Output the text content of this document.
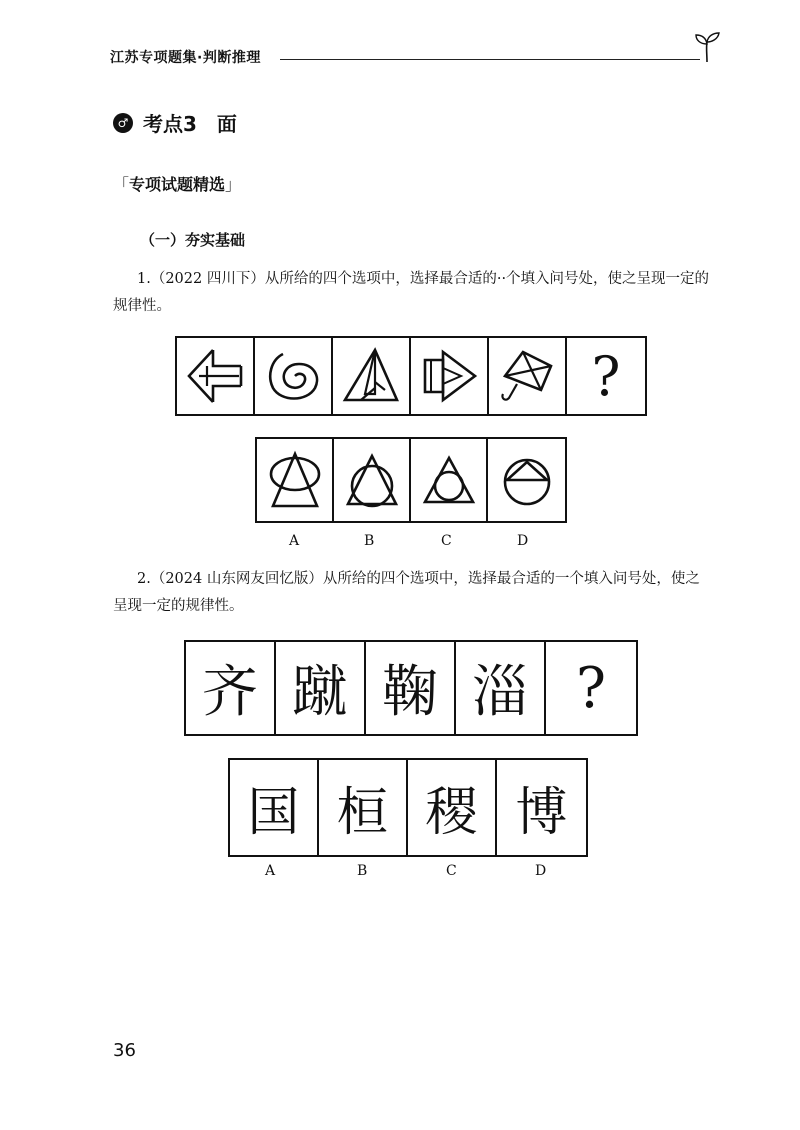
江苏专项题集·判断推理
♂ 考点3　面
「专项试题精选」
（一）夯实基础
1.（2022 四川下）从所给的四个选项中，选择最合适的··个填入问号处，使之呈现一定的规律性。
?
A	B	C	D
2.（2024 山东网友回忆版）从所给的四个选项中，选择最合适的一个填入问号处，使之呈现一定的规律性。
齐 蹴 鞠 淄 ?
国 桓 稷 博
A	B	C	D
36
